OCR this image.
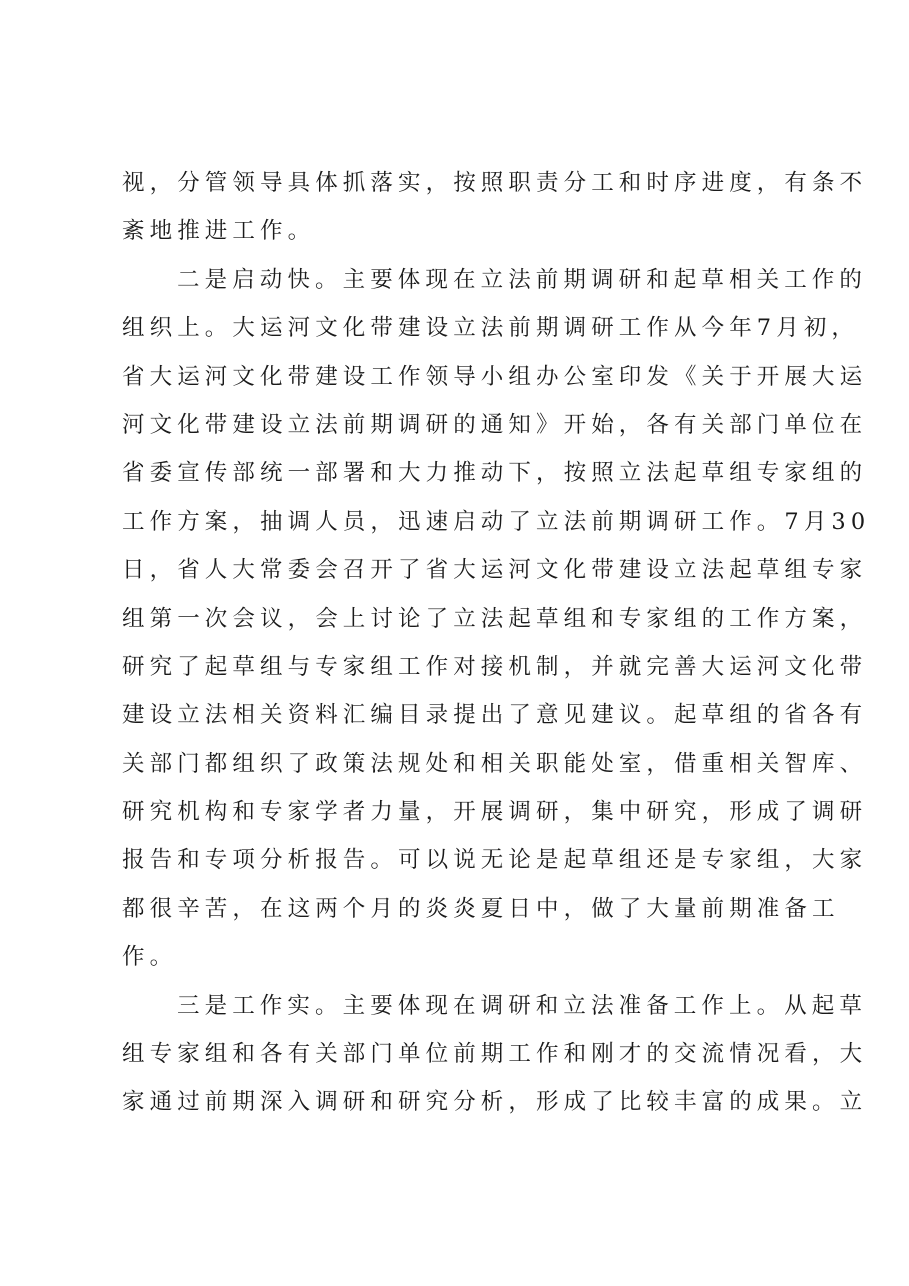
视，分管领导具体抓落实，按照职责分工和时序进度，有条不
紊地推进工作。
二是启动快。主要体现在立法前期调研和起草相关工作的
组织上。大运河文化带建设立法前期调研工作从今年7月初，
省大运河文化带建设工作领导小组办公室印发《关于开展大运
河文化带建设立法前期调研的通知》开始，各有关部门单位在
省委宣传部统一部署和大力推动下，按照立法起草组专家组的
工作方案，抽调人员，迅速启动了立法前期调研工作。7月30
日，省人大常委会召开了省大运河文化带建设立法起草组专家
组第一次会议，会上讨论了立法起草组和专家组的工作方案，
研究了起草组与专家组工作对接机制，并就完善大运河文化带
建设立法相关资料汇编目录提出了意见建议。起草组的省各有
关部门都组织了政策法规处和相关职能处室，借重相关智库、
研究机构和专家学者力量，开展调研，集中研究，形成了调研
报告和专项分析报告。可以说无论是起草组还是专家组，大家
都很辛苦，在这两个月的炎炎夏日中，做了大量前期准备工
作。
三是工作实。主要体现在调研和立法准备工作上。从起草
组专家组和各有关部门单位前期工作和刚才的交流情况看，大
家通过前期深入调研和研究分析，形成了比较丰富的成果。立
